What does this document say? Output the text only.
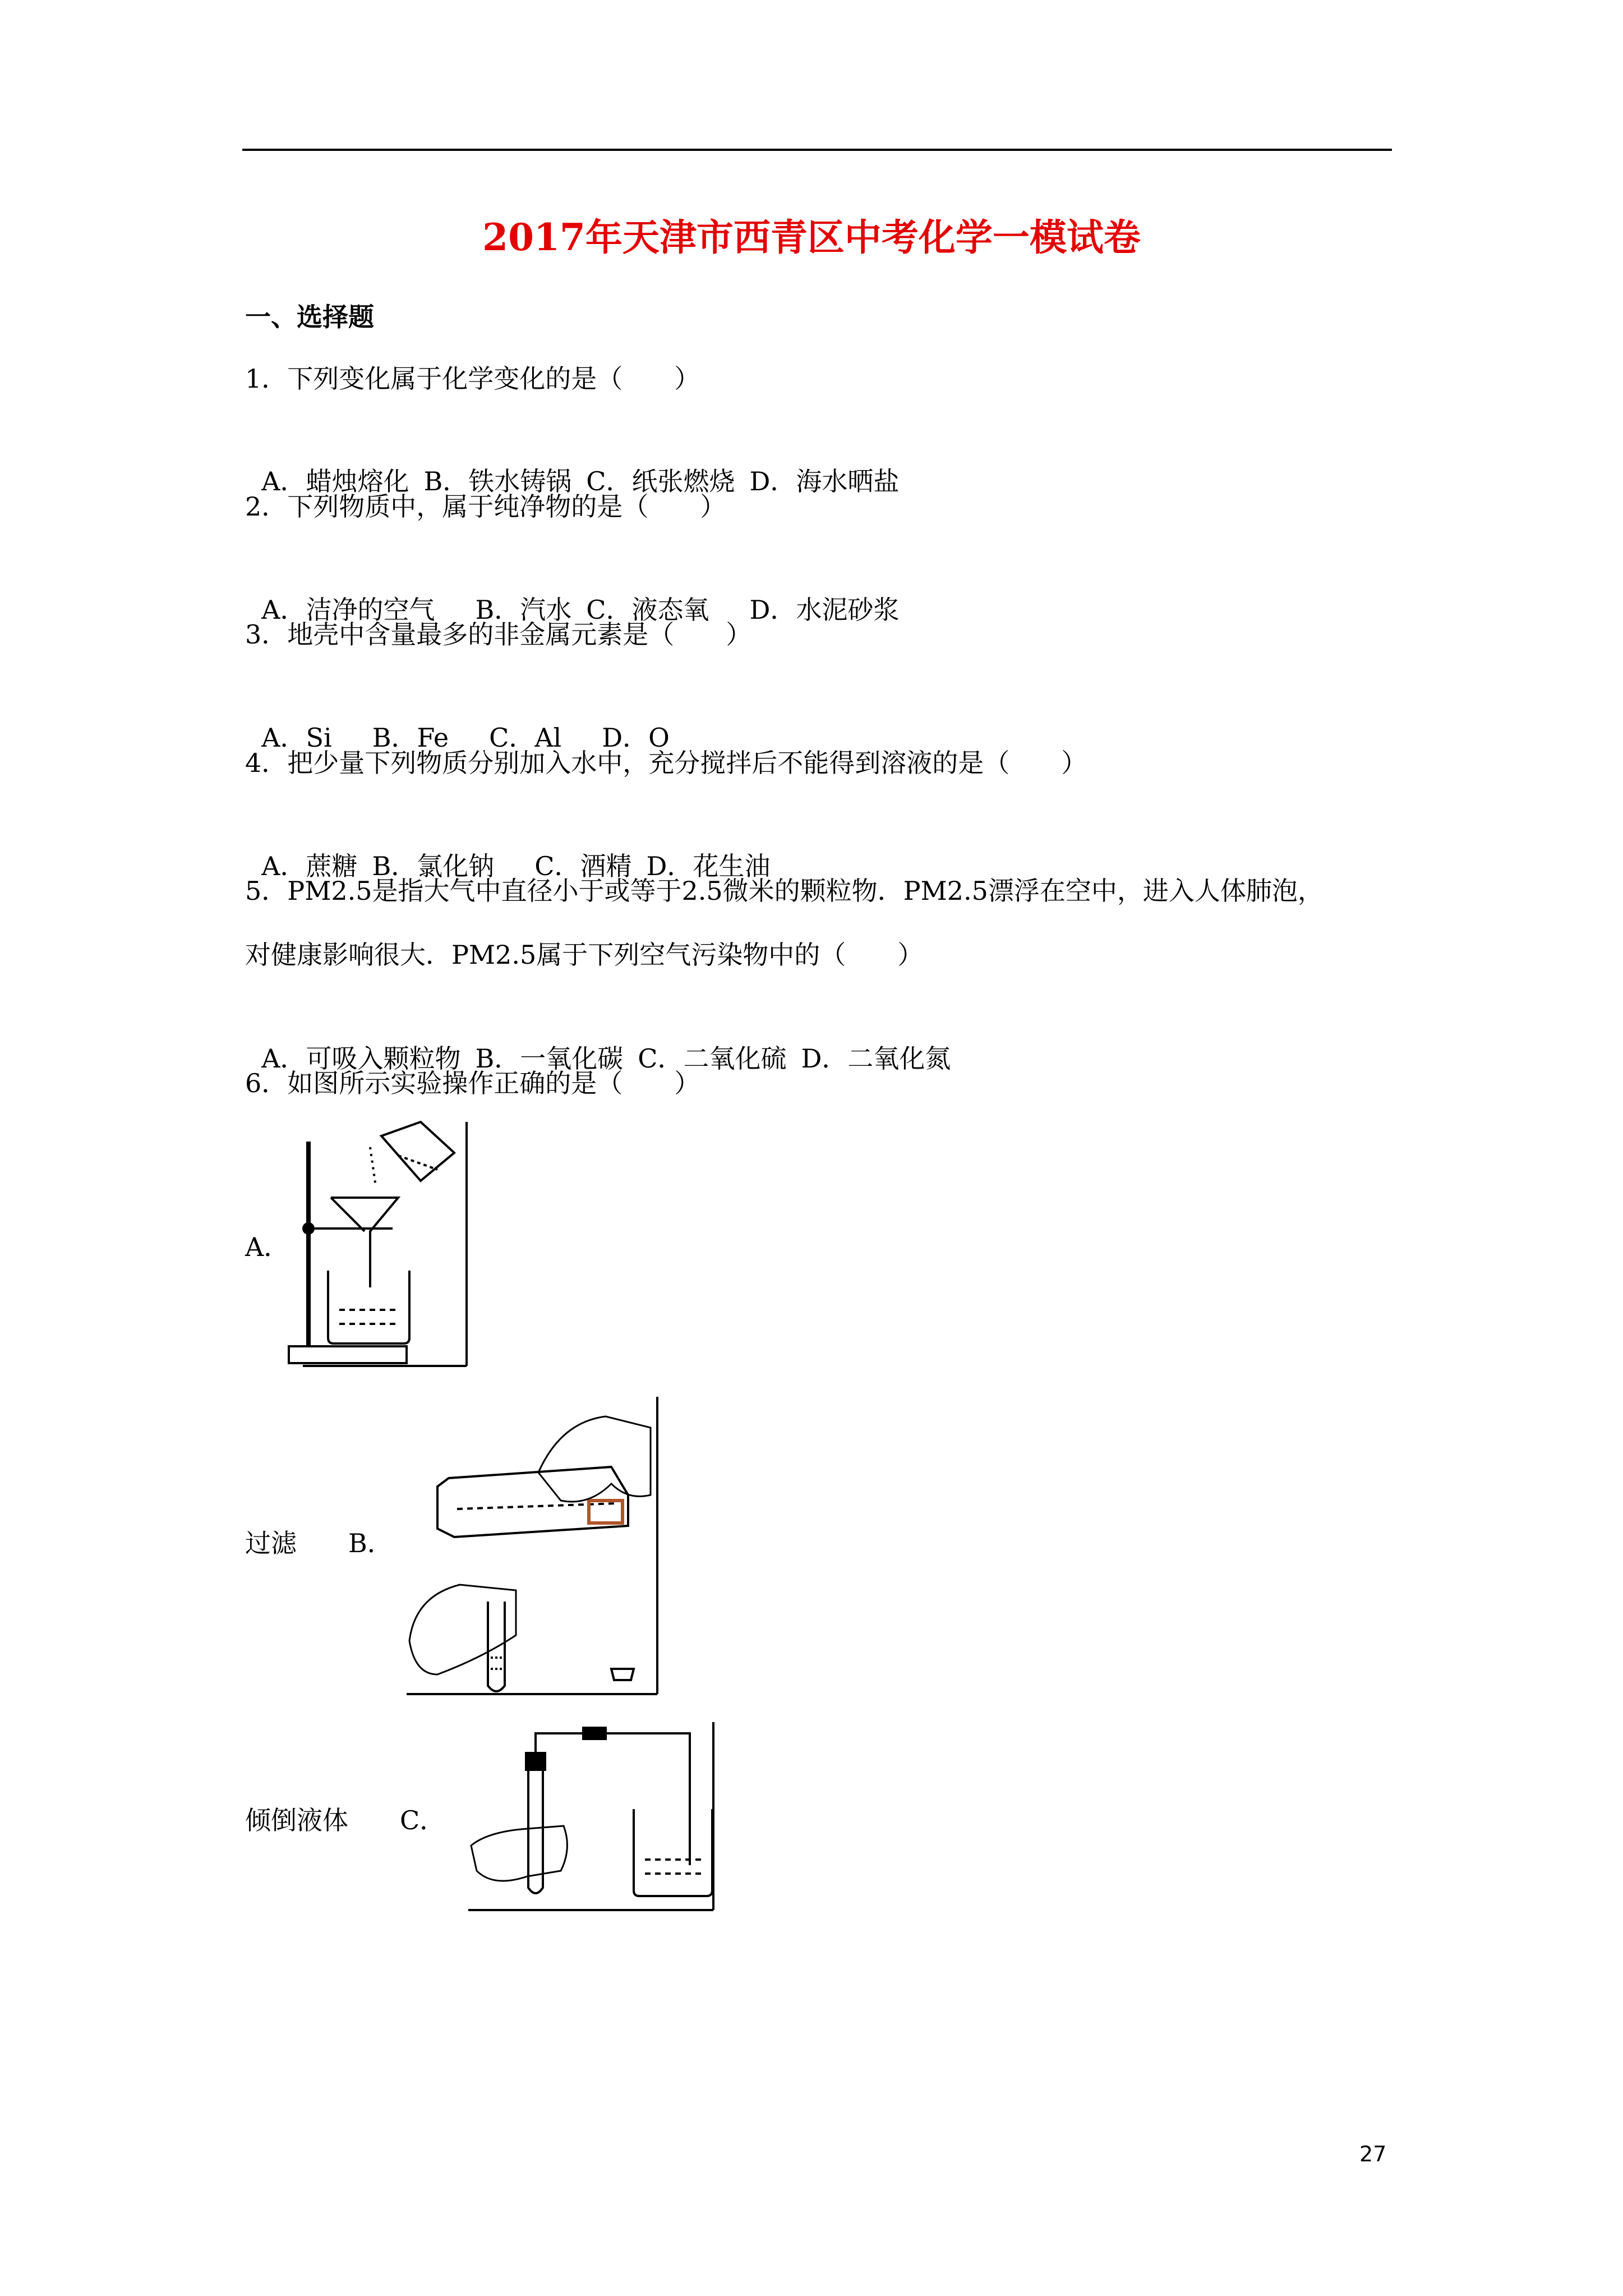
2017年天津市西青区中考化学一模试卷
一、选择题
1．下列变化属于化学变化的是（　　）

A．蜡烛熔化 B．铁水铸锅 C．纸张燃烧 D．海水晒盐

2．下列物质中，属于纯净物的是（　　）

A．洁净的空气　B．汽水 C．液态氧　D．水泥砂浆

3．地壳中含量最多的非金属元素是（　　）

A．Si　B．Fe　C．Al　D．O

4．把少量下列物质分别加入水中，充分搅拌后不能得到溶液的是（　　）

A．蔗糖 B．氯化钠　C．酒精 D．花生油

5．PM2.5是指大气中直径小于或等于2.5微米的颗粒物．PM2.5漂浮在空中，进入人体肺泡，
对健康影响很大．PM2.5属于下列空气污染物中的（　　）

A．可吸入颗粒物 B．一氧化碳 C．二氧化硫 D．二氧化氮

6．如图所示实验操作正确的是（　　）
A．
过滤　　B．
倾倒液体　　C．
27
